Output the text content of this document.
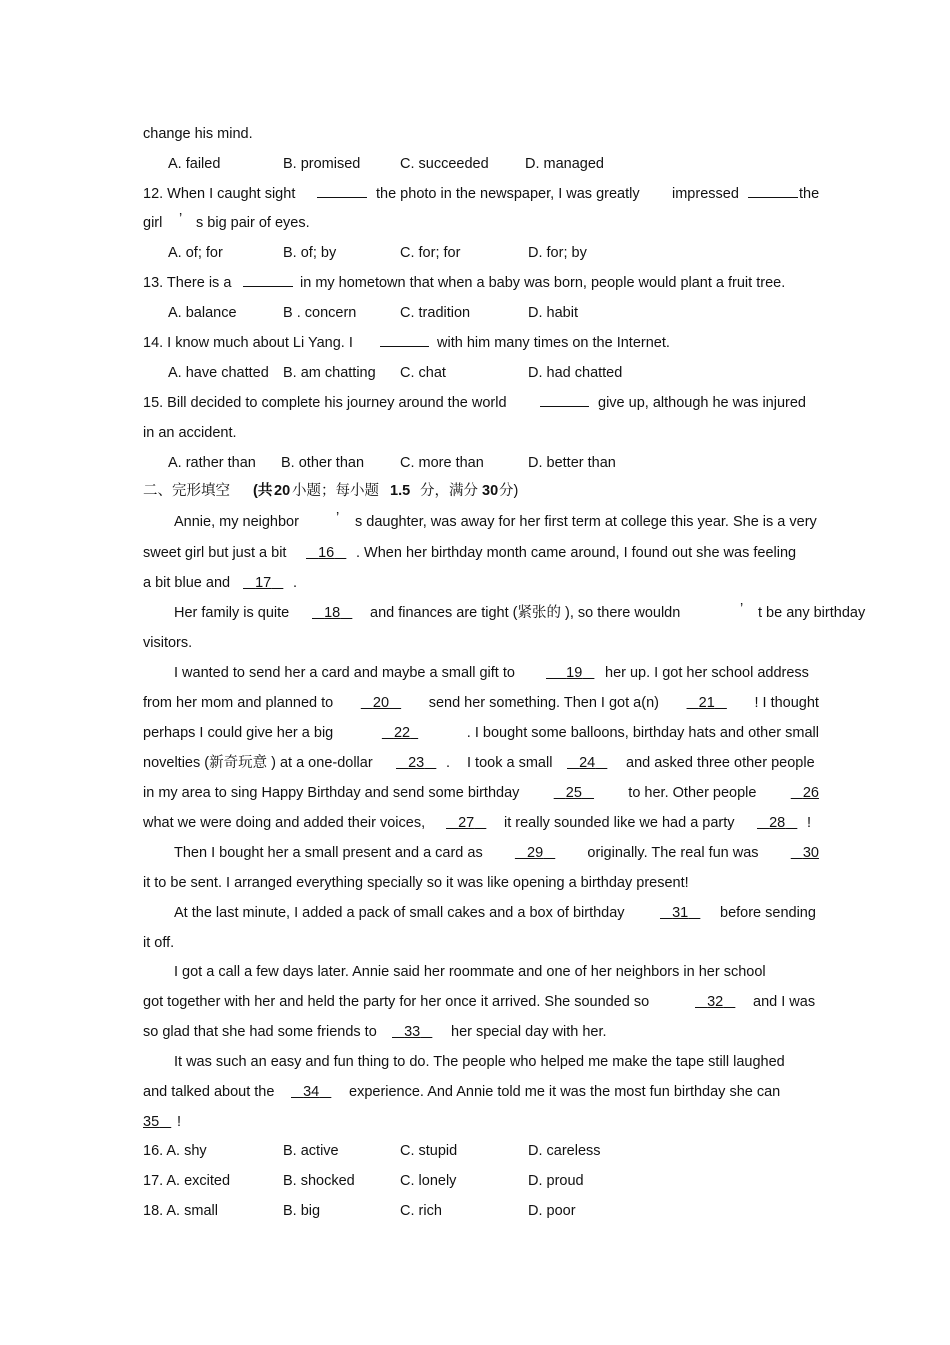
change his mind.
A. failed	B. promised	C. succeeded	D. managed
12. When I caught sight	the photo in the newspaper, I was greatly impressed	the
girl ’ s big pair of eyes.
A. of; for	B. of; by	C. for; for	D. for; by
13. There is a	in my hometown that when a baby was born, people would plant a fruit tree.
A. balance	B . concern	C. tradition	D. habit
14. I know much about Li Yang. I	with him many times on the Internet.
A. have chatted B. am chatting C. chat	D. had chatted
15. Bill decided to complete his journey around the world	give up, although he was injured
in an accident.
A. rather than B. other than C. more than	D. better than
二、完形填空 (共 20 小题；每小题 1.5 分，满分 30 分)
Annie, my neighbor	’ s daughter, was away for her first term at college this year. She is a very
sweet girl but just a bit	16	. When her birthday month came around, I found out she was feeling
a bit blue and	17	.
Her family is quite	18	and finances are tight (紧张的 ), so there wouldn	’ t be any birthday
visitors.
I wanted to send her a card and maybe a small gift to	19	her up. I got her school address
from her mom and planned to	20	send her something. Then I got a(n)	21	! I thought
perhaps I could give her a big	22	. I bought some balloons, birthday hats and other small
novelties (新奇玩意 ) at a one-dollar	23	. I took a small	24	and asked three other people
in my area to sing Happy Birthday and send some birthday	25	to her. Other people	26
what we were doing and added their voices,	27	it really sounded like we had a party	28	!
Then I bought her a small present and a card as	29	originally. The real fun was	30
it to be sent. I arranged everything specially so it was like opening a birthday present!
At the last minute, I added a pack of small cakes and a box of birthday	31	before sending
it off.
I got a call a few days later. Annie said her roommate and one of her neighbors in her school
got together with her and held the party for her once it arrived. She sounded so	32	and I was
so glad that she had some friends to	33	her special day with her.
It was such an easy and fun thing to do. The people who helped me make the tape still laughed
and talked about the	34	experience. And Annie told me it was the most fun birthday she can
35	!
16. A. shy	B. active	C. stupid	D. careless
17. A. excited	B. shocked	C. lonely	D. proud
18. A. small	B. big	C. rich	D. poor
